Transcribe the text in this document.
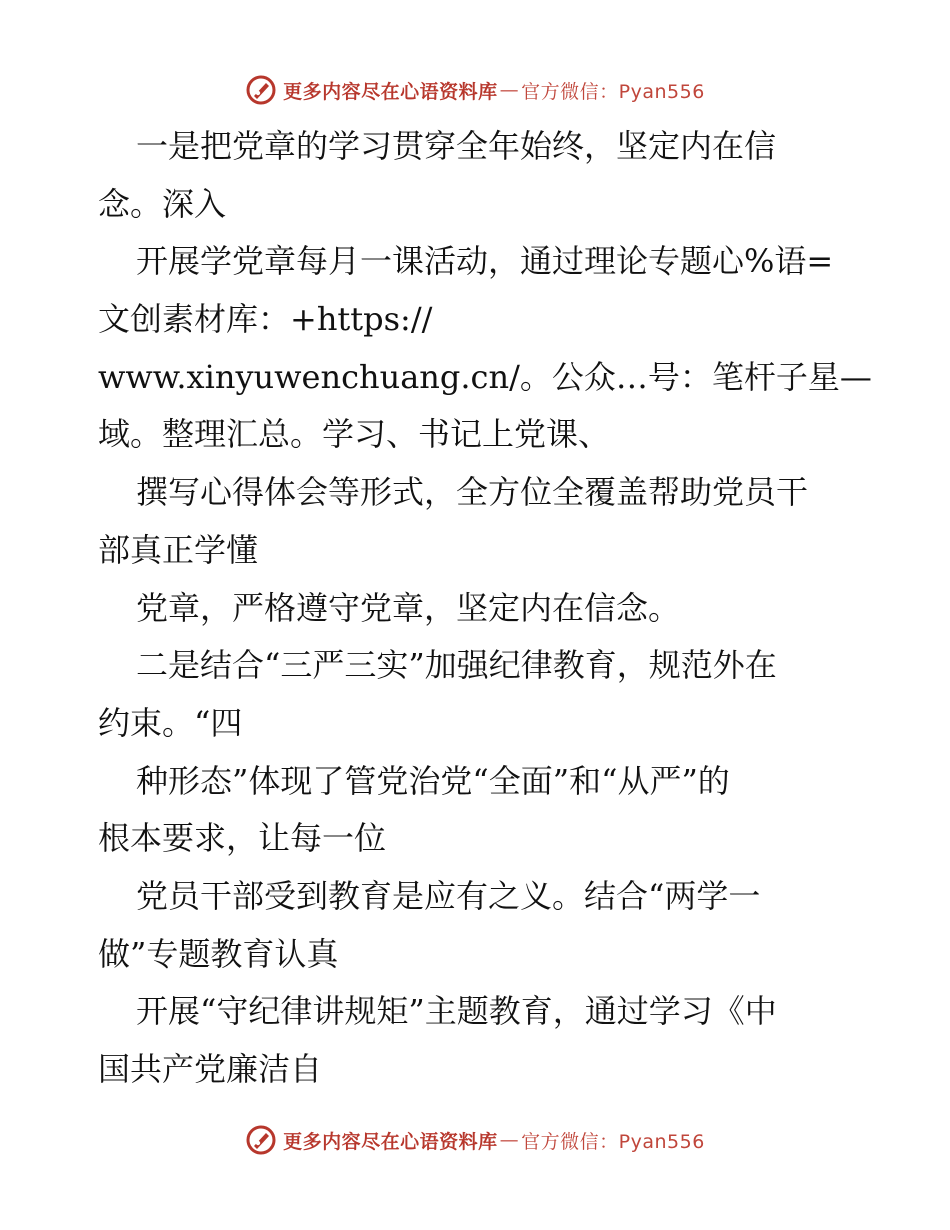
更多内容尽在心语资料库 — 官方微信：Pyan556
一是把党章的学习贯穿全年始终，坚定内在信
念。深入
开展学党章每月一课活动，通过理论专题心%语=
文创素材库：+https://
www.xinyuwenchuang.cn/。公众…号：笔杆子星—
域。整理汇总。学习、书记上党课、
撰写心得体会等形式，全方位全覆盖帮助党员干
部真正学懂
党章，严格遵守党章，坚定内在信念。
二是结合“三严三实”加强纪律教育，规范外在
约束。“四
种形态”体现了管党治党“全面”和“从严”的
根本要求，让每一位
党员干部受到教育是应有之义。结合“两学一
做”专题教育认真
开展“守纪律讲规矩”主题教育，通过学习《中
国共产党廉洁自
更多内容尽在心语资料库 — 官方微信：Pyan556
